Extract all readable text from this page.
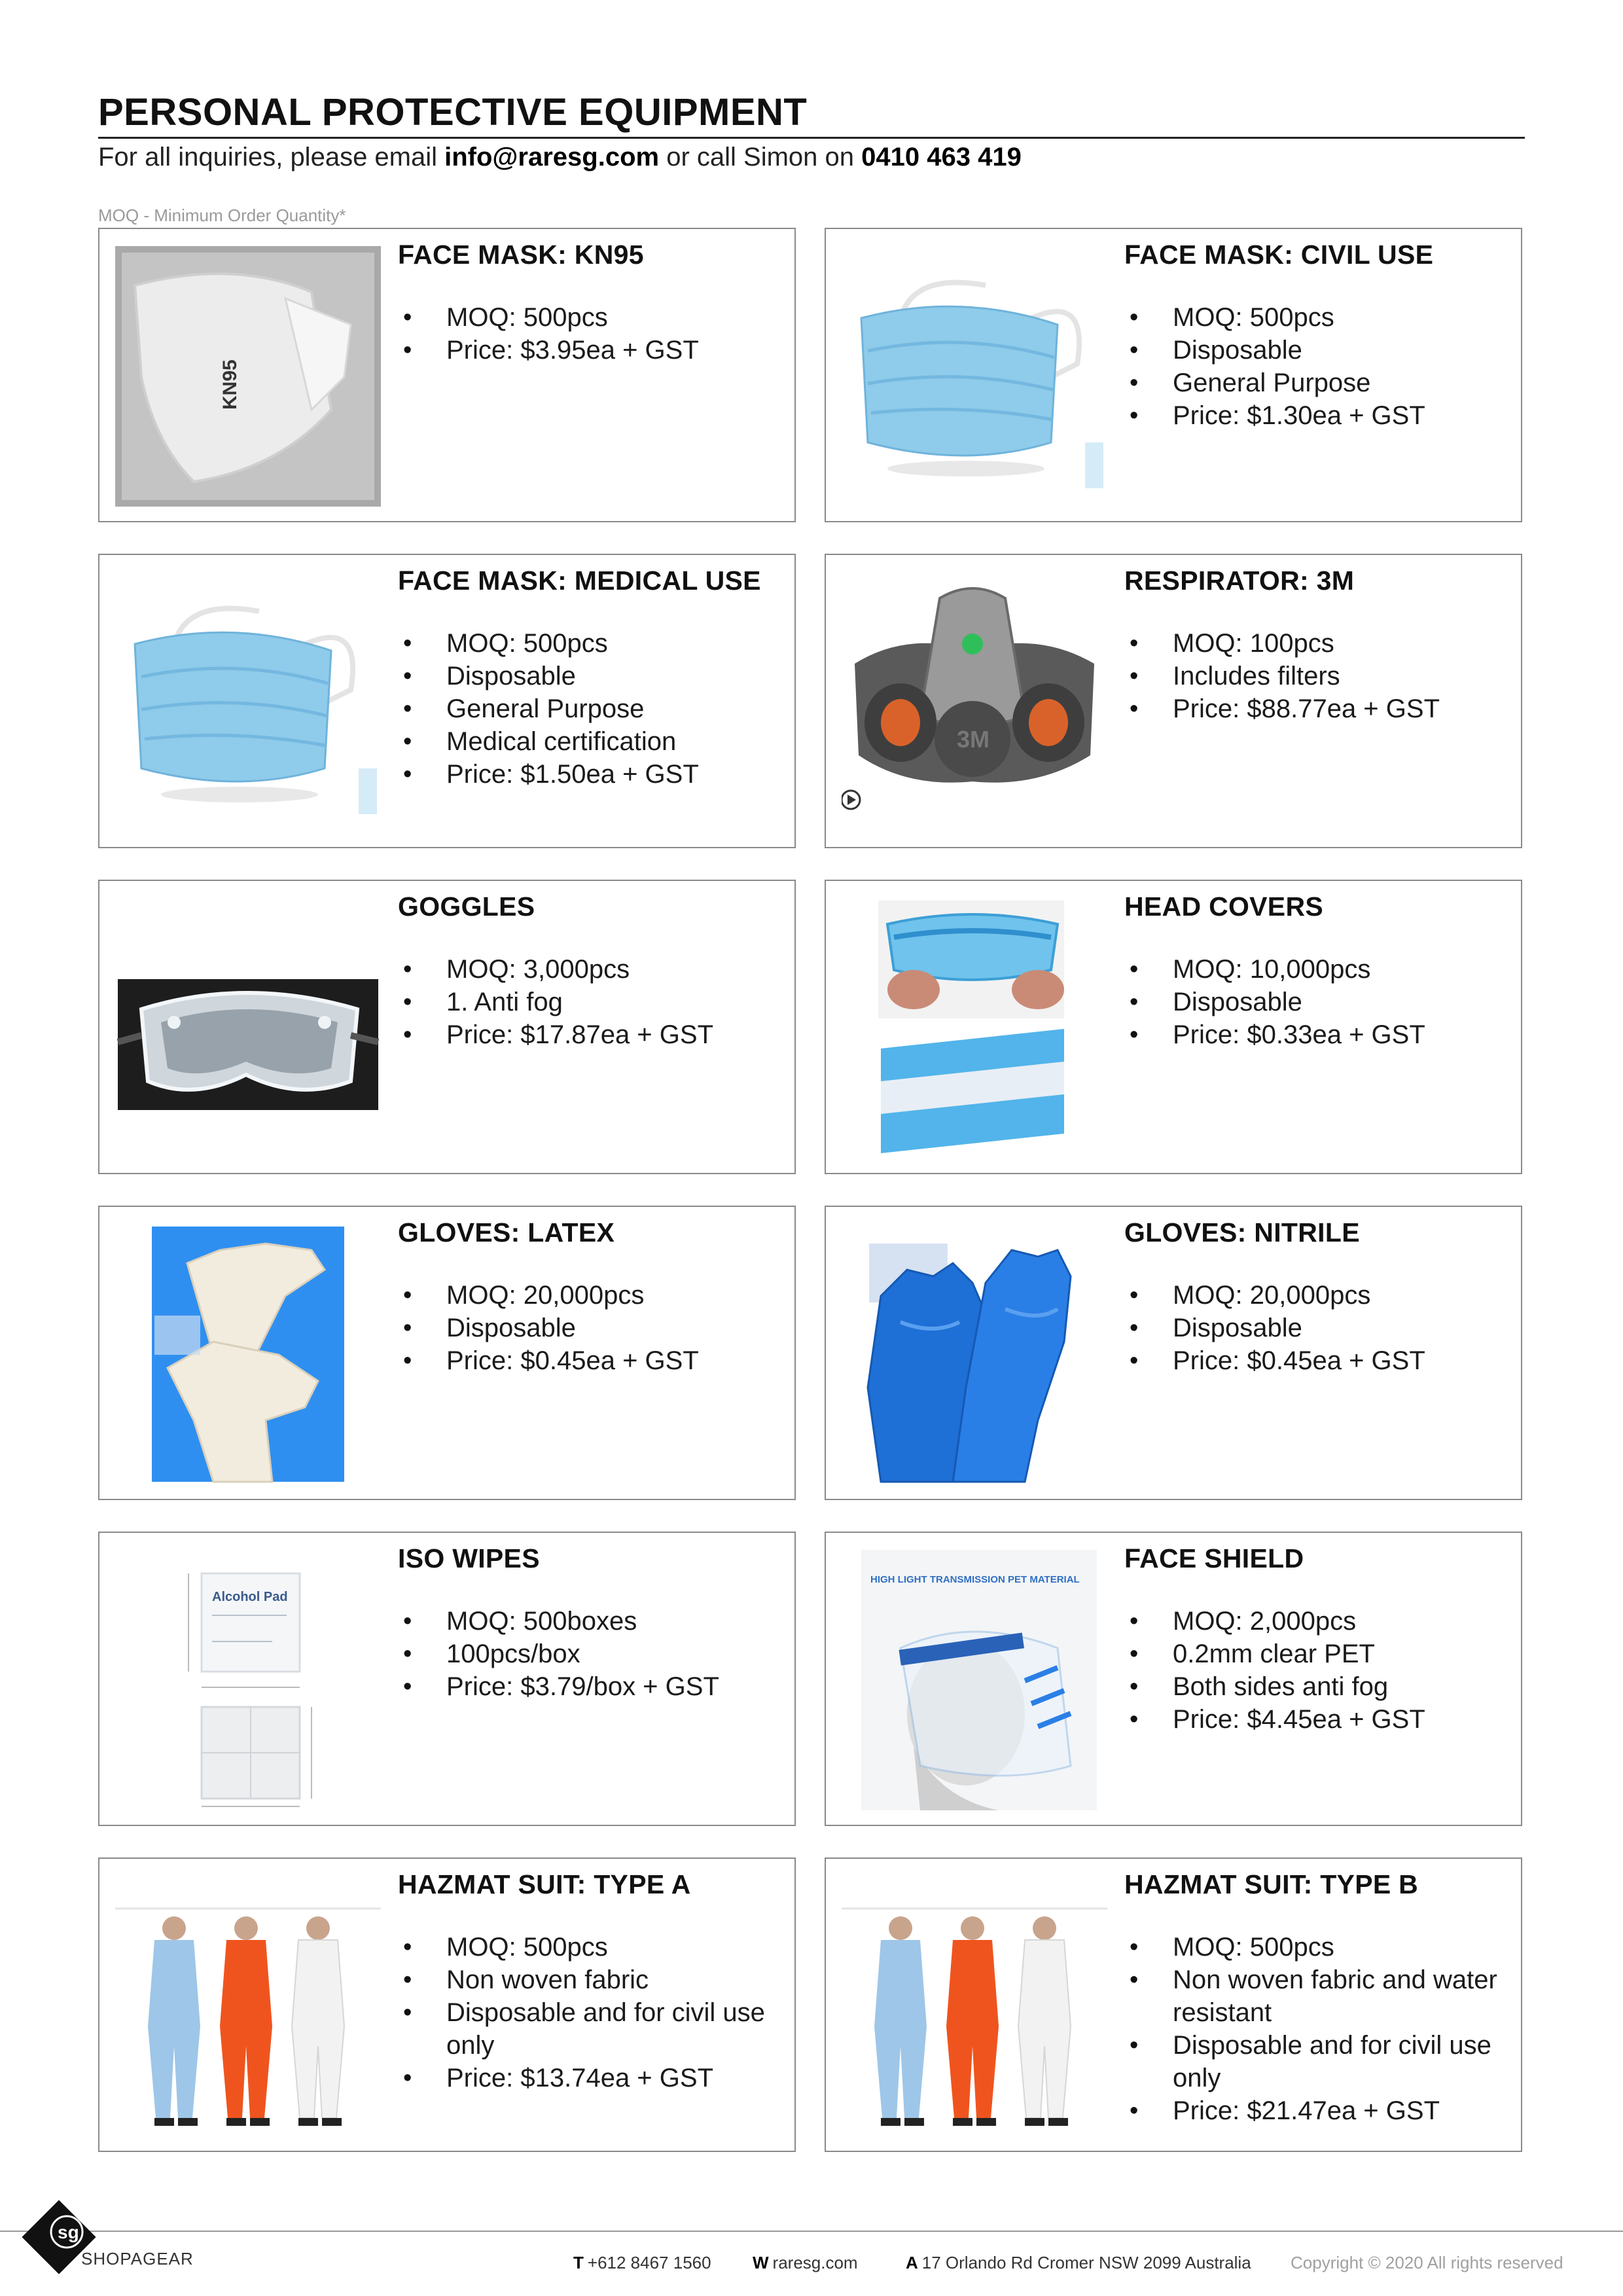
PERSONAL PROTECTIVE EQUIPMENT
For all inquiries, please email info@raresg.com or call Simon on 0410 463 419
MOQ - Minimum Order Quantity*
KN95
FACE MASK: KN95
• MOQ: 500pcs
• Price: $3.95ea + GST
FACE MASK: CIVIL USE
• MOQ: 500pcs
• Disposable
• General Purpose
• Price: $1.30ea + GST
FACE MASK: MEDICAL USE
• MOQ: 500pcs
• Disposable
• General Purpose
• Medical certification
• Price: $1.50ea + GST
3M
RESPIRATOR: 3M
• MOQ: 100pcs
• Includes filters
• Price: $88.77ea + GST
GOGGLES
• MOQ: 3,000pcs
• 1. Anti fog
• Price: $17.87ea + GST
HEAD COVERS
• MOQ: 10,000pcs
• Disposable
• Price: $0.33ea + GST
GLOVES: LATEX
• MOQ: 20,000pcs
• Disposable
• Price: $0.45ea + GST
GLOVES: NITRILE
• MOQ: 20,000pcs
• Disposable
• Price: $0.45ea + GST
Alcohol Pad
ISO WIPES
• MOQ: 500boxes
• 100pcs/box
• Price: $3.79/box + GST
HIGH LIGHT TRANSMISSION PET MATERIAL
FACE SHIELD
• MOQ: 2,000pcs
• 0.2mm clear PET
• Both sides anti fog
• Price: $4.45ea + GST
HAZMAT SUIT: TYPE A
• MOQ: 500pcs
• Non woven fabric
• Disposable and for civil use only
• Price: $13.74ea + GST
HAZMAT SUIT: TYPE B
• MOQ: 500pcs
• Non woven fabric and water resistant
• Disposable and for civil use only
• Price: $21.47ea + GST
sg
SHOPAGEAR	T +612 8467 1560 W raresg.com	A 17 Orlando Rd Cromer NSW 2099 Australia Copyright © 2020 All rights reserved
